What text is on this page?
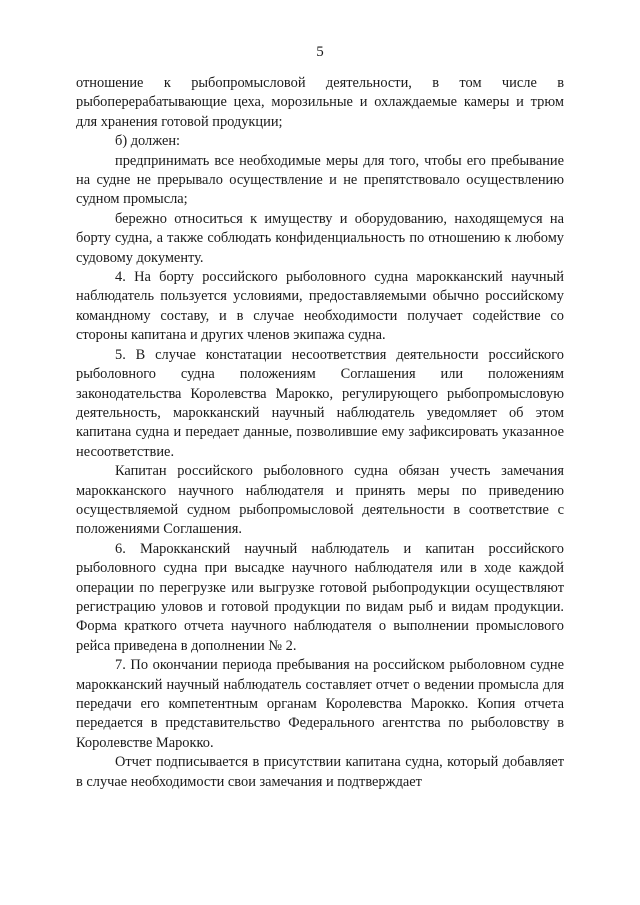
5

отношение к рыбопромысловой деятельности, в том числе в рыбоперерабатывающие цеха, морозильные и охлаждаемые камеры и трюм для хранения готовой продукции;

б) должен:

предпринимать все необходимые меры для того, чтобы его пребывание на судне не прерывало осуществление и не препятствовало осуществлению судном промысла;

бережно относиться к имуществу и оборудованию, находящемуся на борту судна, а также соблюдать конфиденциальность по отношению к любому судовому документу.

4. На борту российского рыболовного судна марокканский научный наблюдатель пользуется условиями, предоставляемыми обычно российскому командному составу, и в случае необходимости получает содействие со стороны капитана и других членов экипажа судна.

5. В случае констатации несоответствия деятельности российского рыболовного судна положениям Соглашения или положениям законодательства Королевства Марокко, регулирующего рыбопромысловую деятельность, марокканский научный наблюдатель уведомляет об этом капитана судна и передает данные, позволившие ему зафиксировать указанное несоответствие.

Капитан российского рыболовного судна обязан учесть замечания марокканского научного наблюдателя и принять меры по приведению осуществляемой судном рыбопромысловой деятельности в соответствие с положениями Соглашения.

6. Марокканский научный наблюдатель и капитан российского рыболовного судна при высадке научного наблюдателя или в ходе каждой операции по перегрузке или выгрузке готовой рыбопродукции осуществляют регистрацию уловов и готовой продукции по видам рыб и видам продукции. Форма краткого отчета научного наблюдателя о выполнении промыслового рейса приведена в дополнении № 2.

7. По окончании периода пребывания на российском рыболовном судне марокканский научный наблюдатель составляет отчет о ведении промысла для передачи его компетентным органам Королевства Марокко. Копия отчета передается в представительство Федерального агентства по рыболовству в Королевстве Марокко.

Отчет подписывается в присутствии капитана судна, который добавляет в случае необходимости свои замечания и подтверждает
